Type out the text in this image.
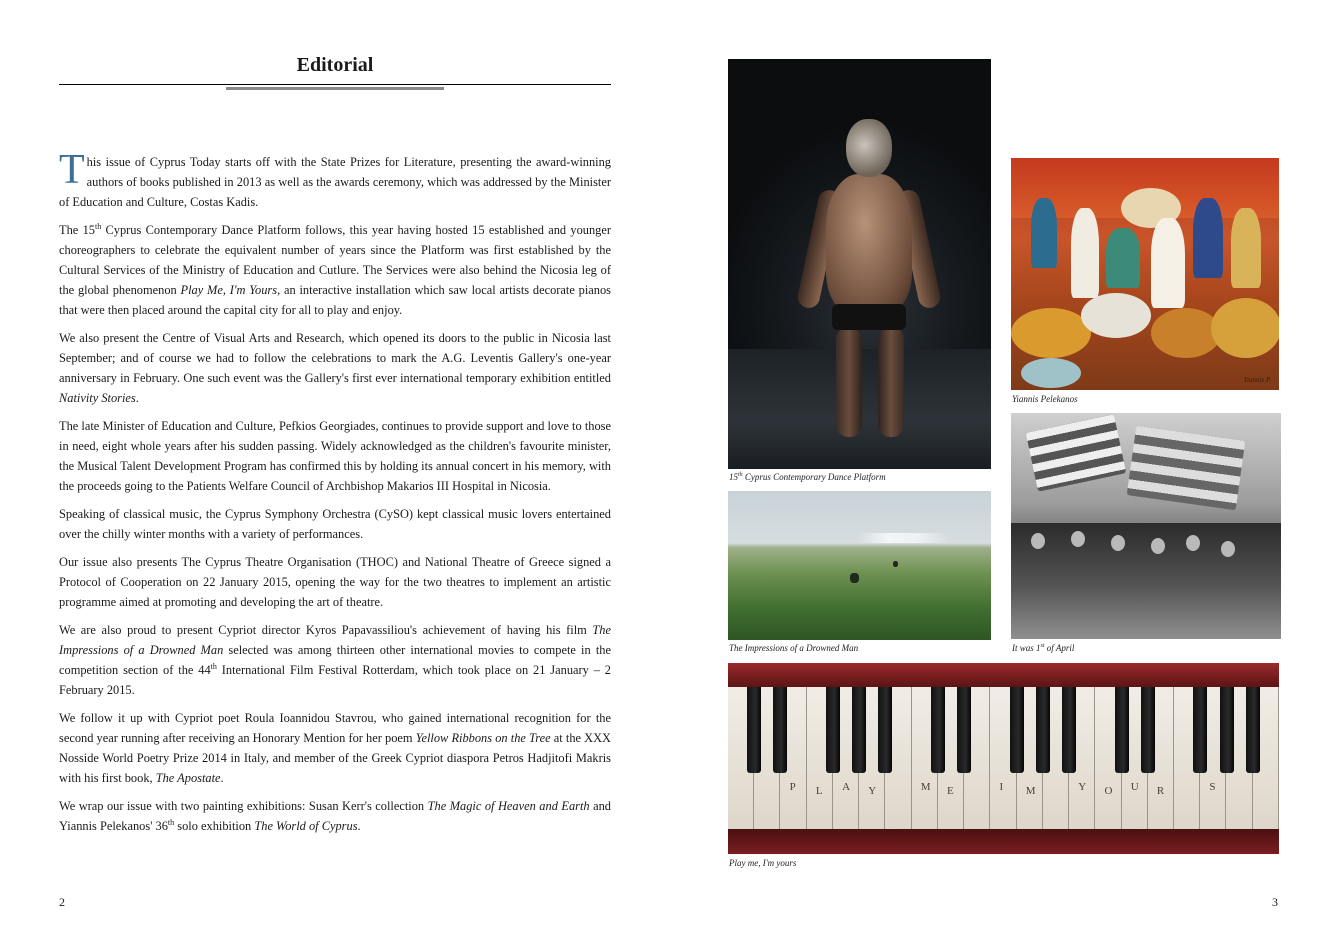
Editorial

This issue of Cyprus Today starts off with the State Prizes for Literature, presenting the award-winning authors of books published in 2013 as well as the awards ceremony, which was addressed by the Minister of Education and Culture, Costas Kadis.

The 15th Cyprus Contemporary Dance Platform follows, this year having hosted 15 established and younger choreographers to celebrate the equivalent number of years since the Platform was first established by the Cultural Services of the Ministry of Education and Cutlure. The Services were also behind the Nicosia leg of the global phenomenon Play Me, I'm Yours, an interactive installation which saw local artists decorate pianos that were then placed around the capital city for all to play and enjoy.

We also present the Centre of Visual Arts and Research, which opened its doors to the public in Nicosia last September; and of course we had to follow the celebrations to mark the A.G. Leventis Gallery's one-year anniversary in February. One such event was the Gallery's first ever international temporary exhibition entitled Nativity Stories.

The late Minister of Education and Culture, Pefkios Georgiades, continues to provide support and love to those in need, eight whole years after his sudden passing. Widely acknowledged as the children's favourite minister, the Musical Talent Development Program has confirmed this by holding its annual concert in his memory, with the proceeds going to the Patients Welfare Council of Archbishop Makarios III Hospital in Nicosia.

Speaking of classical music, the Cyprus Symphony Orchestra (CySO) kept classical music lovers entertained over the chilly winter months with a variety of performances.

Our issue also presents The Cyprus Theatre Organisation (THOC) and National Theatre of Greece signed a Protocol of Cooperation on 22 January 2015, opening the way for the two theatres to implement an artistic programme aimed at promoting and developing the art of theatre.

We are also proud to present Cypriot director Kyros Papavassiliou's achievement of having his film The Impressions of a Drowned Man selected was among thirteen other international movies to compete in the competition section of the 44th International Film Festival Rotterdam, which took place on 21 January – 2 February 2015.

We follow it up with Cypriot poet Roula Ioannidou Stavrou, who gained international recognition for the second year running after receiving an Honorary Mention for her poem Yellow Ribbons on the Tree at the XXX Nosside World Poetry Prize 2014 in Italy, and member of the Greek Cypriot diaspora Petros Hadjitofi Makris with his first book, The Apostate.

We wrap our issue with two painting exhibitions: Susan Kerr's collection The Magic of Heaven and Earth and Yiannis Pelekanos' 36th solo exhibition The World of Cyprus.

2
15th Cyprus Contemporary Dance Platform
Yiannis P.
Yiannis Pelekanos
The Impressions of a Drowned Man	It was 1st of April
P L A Y	M E	I M	Y O U R	S
Play me, I'm yours
3
